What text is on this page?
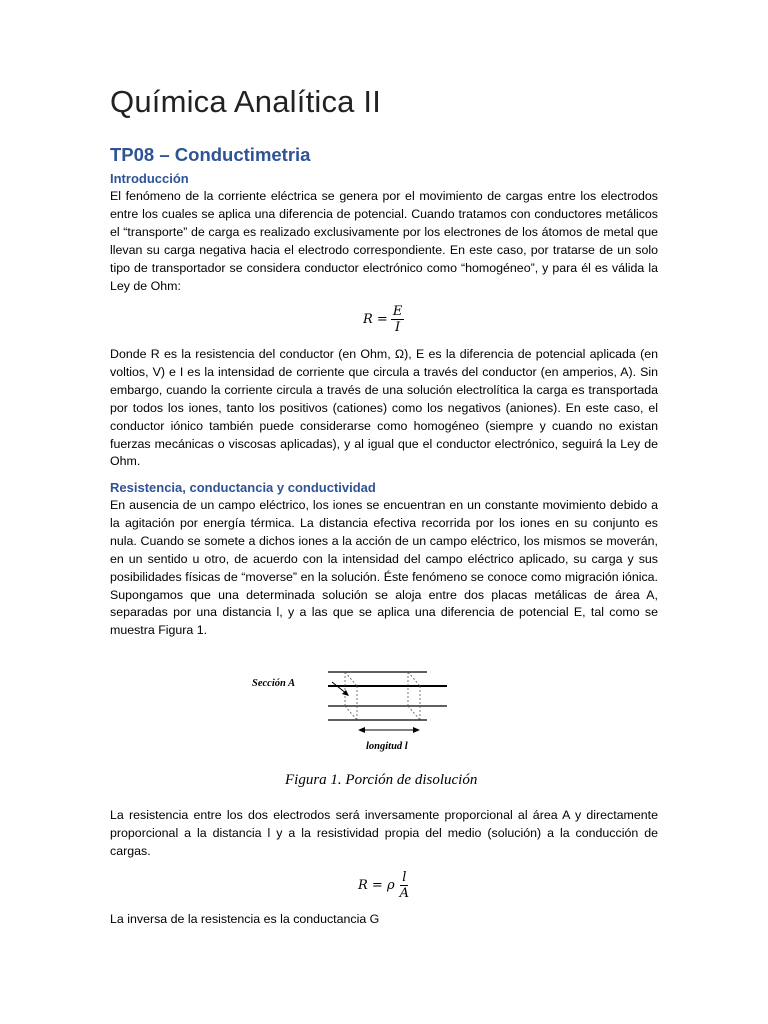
Química Analítica II
TP08 – Conductimetria
Introducción

El fenómeno de la corriente eléctrica se genera por el movimiento de cargas entre los electrodos entre los cuales se aplica una diferencia de potencial. Cuando tratamos con conductores metálicos el “transporte” de carga es realizado exclusivamente por los electrones de los átomos de metal que llevan su carga negativa hacia el electrodo correspondiente. En este caso, por tratarse de un solo tipo de transportador se considera conductor electrónico como “homogéneo”, y para él es válida la Ley de Ohm:

$R = \frac{E}{I}$

Donde R es la resistencia del conductor (en Ohm, Ω), E es la diferencia de potencial aplicada (en voltios, V) e I es la intensidad de corriente que circula a través del conductor (en amperios, A). Sin embargo, cuando la corriente circula a través de una solución electrolítica la carga es transportada por todos los iones, tanto los positivos (cationes) como los negativos (aniones). En este caso, el conductor iónico también puede considerarse como homogéneo (siempre y cuando no existan fuerzas mecánicas o viscosas aplicadas), y al igual que el conductor electrónico, seguirá la Ley de Ohm.

Resistencia, conductancia y conductividad

En ausencia de un campo eléctrico, los iones se encuentran en un constante movimiento debido a la agitación por energía térmica. La distancia efectiva recorrida por los iones en su conjunto es nula. Cuando se somete a dichos iones a la acción de un campo eléctrico, los mismos se moverán, en un sentido u otro, de acuerdo con la intensidad del campo eléctrico aplicado, su carga y sus posibilidades físicas de “moverse” en la solución. Éste fenómeno se conoce como migración iónica. Supongamos que una determinada solución se aloja entre dos placas metálicas de área A, separadas por una distancia l, y a las que se aplica una diferencia de potencial E, tal como se muestra Figura 1.

La resistencia entre los dos electrodos será inversamente proporcional al área A y directamente proporcional a la distancia l y a la resistividad propia del medio (solución) a la conducción de cargas.

R = ρ $\frac{l}{A}$

La inversa de la resistencia es la conductancia G

Sección A
longitud l
Figura 1. Porción de disolución
